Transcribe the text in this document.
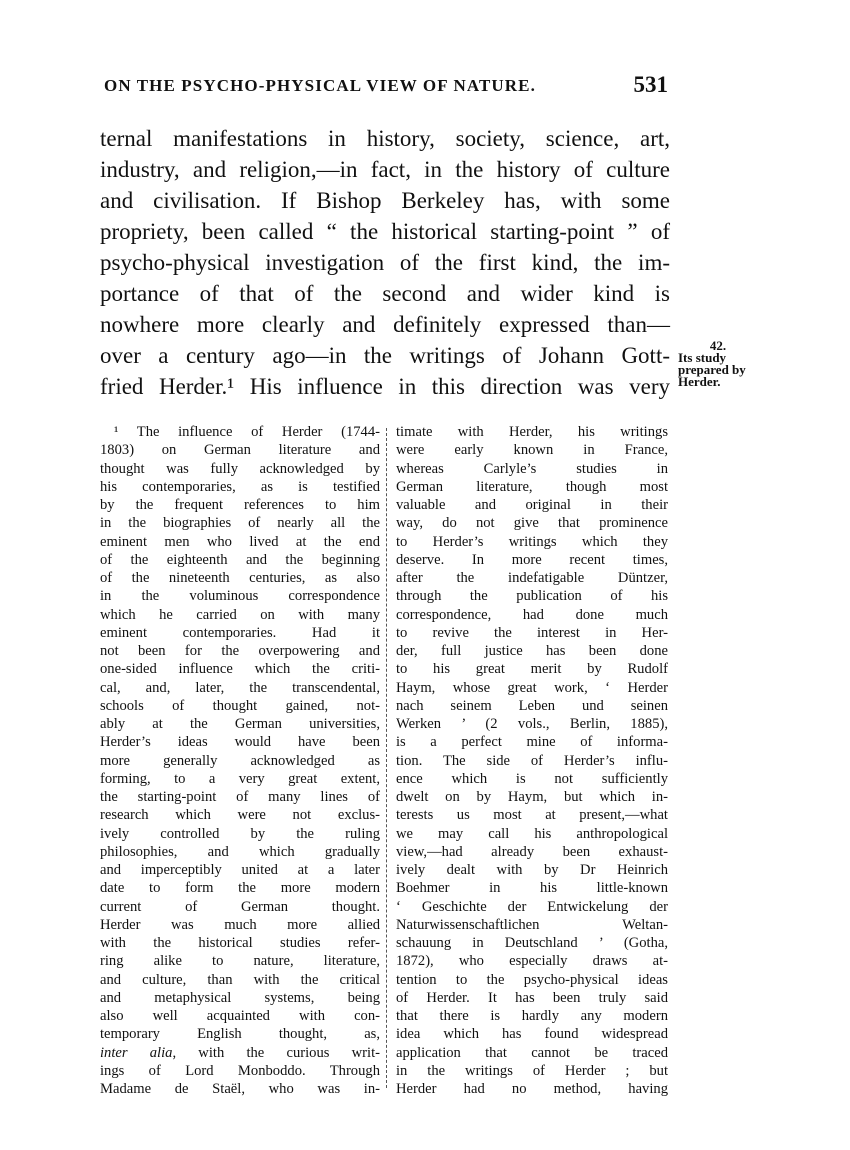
ON THE PSYCHO-PHYSICAL VIEW OF NATURE.	531
ternal manifestations in history, society, science, art,
industry, and religion,—in fact, in the history of culture
and civilisation. If Bishop Berkeley has, with some
propriety, been called “ the historical starting-point ” of
psycho-physical investigation of the first kind, the im-
portance of that of the second and wider kind is
nowhere more clearly and definitely expressed than—
over a century ago—in the writings of Johann Gott-
fried Herder.¹ His influence in this direction was very
42.
Its study
prepared by
Herder.
¹ The influence of Herder (1744-
1803) on German literature and
thought was fully acknowledged by
his contemporaries, as is testified
by the frequent references to him
in the biographies of nearly all the
eminent men who lived at the end
of the eighteenth and the beginning
of the nineteenth centuries, as also
in the voluminous correspondence
which he carried on with many
eminent contemporaries. Had it
not been for the overpowering and
one-sided influence which the criti-
cal, and, later, the transcendental,
schools of thought gained, not-
ably at the German universities,
Herder’s ideas would have been
more generally acknowledged as
forming, to a very great extent,
the starting-point of many lines of
research which were not exclus-
ively controlled by the ruling
philosophies, and which gradually
and imperceptibly united at a later
date to form the more modern
current of German thought.
Herder was much more allied
with the historical studies refer-
ring alike to nature, literature,
and culture, than with the critical
and metaphysical systems, being
also well acquainted with con-
temporary English thought, as,
inter alia, with the curious writ-
ings of Lord Monboddo. Through
Madame de Staël, who was in-
timate with Herder, his writings
were early known in France,
whereas Carlyle’s studies in
German literature, though most
valuable and original in their
way, do not give that prominence
to Herder’s writings which they
deserve. In more recent times,
after the indefatigable Düntzer,
through the publication of his
correspondence, had done much
to revive the interest in Her-
der, full justice has been done
to his great merit by Rudolf
Haym, whose great work, ‘ Herder
nach seinem Leben und seinen
Werken ’ (2 vols., Berlin, 1885),
is a perfect mine of informa-
tion. The side of Herder’s influ-
ence which is not sufficiently
dwelt on by Haym, but which in-
terests us most at present,—what
we may call his anthropological
view,—had already been exhaust-
ively dealt with by Dr Heinrich
Boehmer in his little-known
‘ Geschichte der Entwickelung der
Naturwissenschaftlichen Weltan-
schauung in Deutschland ’ (Gotha,
1872), who especially draws at-
tention to the psycho-physical ideas
of Herder. It has been truly said
that there is hardly any modern
idea which has found widespread
application that cannot be traced
in the writings of Herder ; but
Herder had no method, having
